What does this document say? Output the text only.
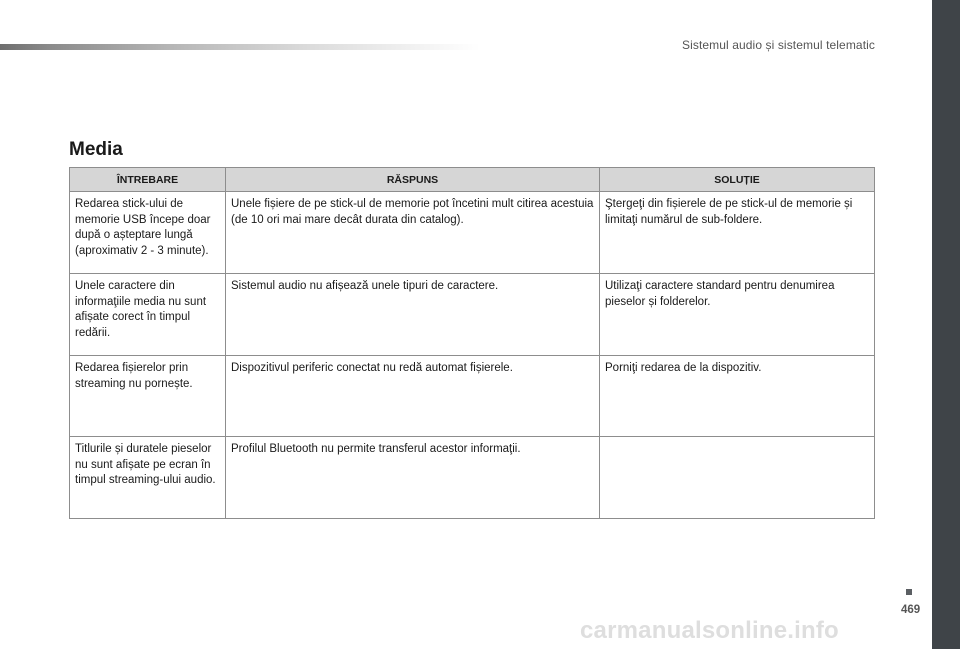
Sistemul audio și sistemul telematic
Media
ÎNTREBARE	RĂSPUNS	SOLUȚIE
Redarea stick-ului de memorie USB începe doar după o așteptare lungă (aproximativ 2 - 3 minute).	Unele fișiere de pe stick-ul de memorie pot încetini mult citirea acestuia (de 10 ori mai mare decât durata din catalog).	Ştergeţi din fișierele de pe stick-ul de memorie și limitaţi numărul de sub-foldere.
Unele caractere din informaţiile media nu sunt afișate corect în timpul redării.	Sistemul audio nu afișează unele tipuri de caractere.	Utilizaţi caractere standard pentru denumirea pieselor și folderelor.
Redarea fișierelor prin streaming nu pornește.	Dispozitivul periferic conectat nu redă automat fișierele.	Porniţi redarea de la dispozitiv.
Titlurile și duratele pieselor nu sunt afișate pe ecran în timpul streaming-ului audio.	Profilul Bluetooth nu permite transferul acestor informaţii.	
469
carmanualsonline.info
